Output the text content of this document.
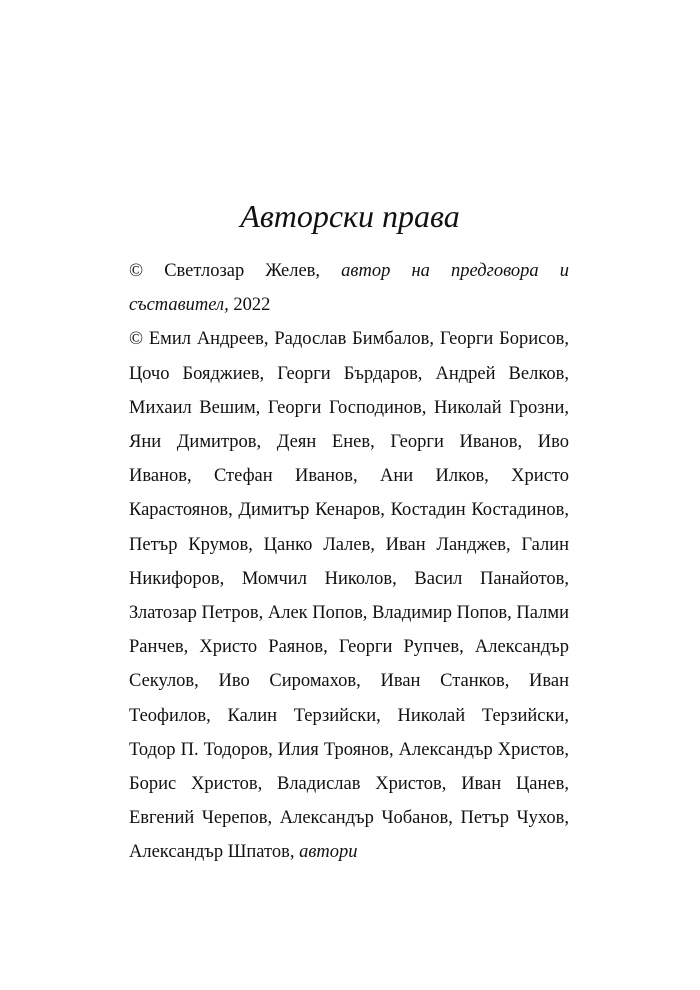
Авторски права

© Светлозар Желев, автор на предговора и съставител, 2022

© Емил Андреев, Радослав Бимбалов, Георги Борисов, Цочо Бояджиев, Георги Бърдаров, Андрей Велков, Михаил Вешим, Георги Господинов, Николай Грозни, Яни Димитров, Деян Енев, Георги Иванов, Иво Иванов, Стефан Иванов, Ани Илков, Христо Карастоянов, Димитър Кенаров, Костадин Костадинов, Петър Крумов, Цанко Лалев, Иван Ланджев, Галин Никифоров, Момчил Николов, Васил Панайотов, Златозар Петров, Алек Попов, Владимир Попов, Палми Ранчев, Христо Раянов, Георги Рупчев, Александър Секулов, Иво Сиромахов, Иван Станков, Иван Теофилов, Калин Терзийски, Николай Терзийски, Тодор П. Тодоров, Илия Троянов, Александър Христов, Борис Христов, Владислав Христов, Иван Цанев, Евгений Черепов, Александър Чобанов, Петър Чухов, Александър Шпатов, автори
